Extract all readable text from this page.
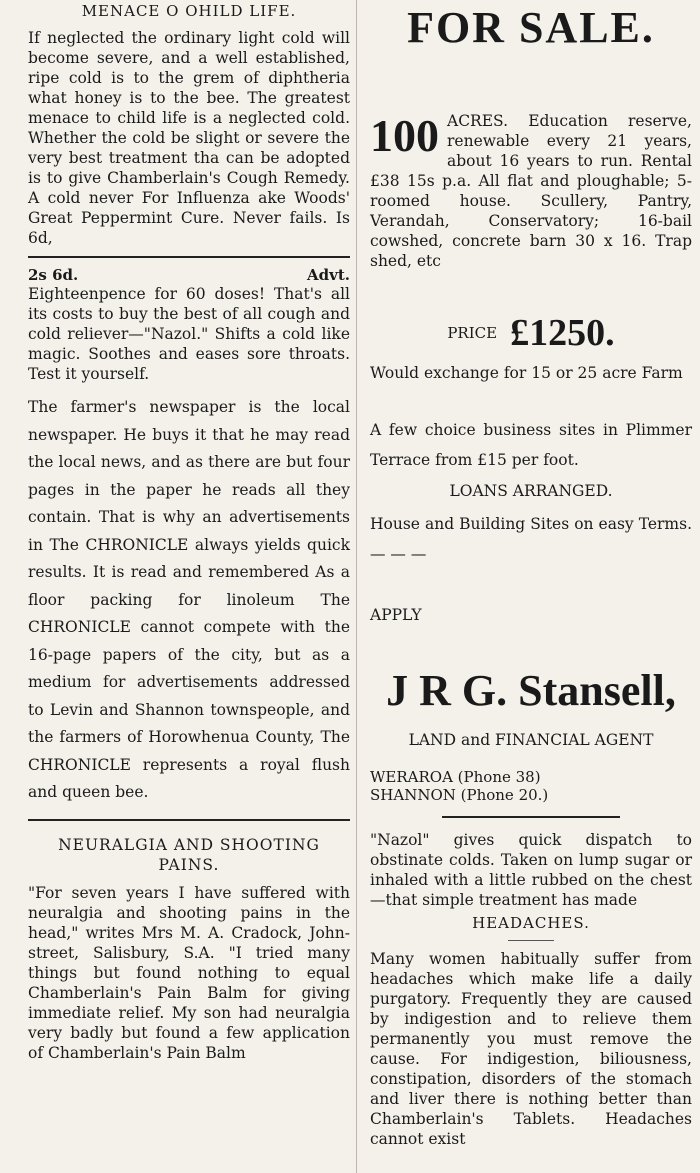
MENACE O OHILD LIFE.

If neglected the ordinary light cold will become severe, and a well established, ripe cold is to the grem of diphtheria what honey is to the bee. The greatest menace to child life is a neglected cold. Whether the cold be slight or severe the very best treatment tha can be adopted is to give Chamberlain's Cough Remedy. A cold never For Influenza ake Woods' Great Peppermint Cure. Never fails. Is 6d,

2s 6d.	Advt.

Eighteenpence for 60 doses! That's all its costs to buy the best of all cough and cold reliever—"Nazol." Shifts a cold like magic. Soothes and eases sore throats. Test it yourself.

The farmer's newspaper is the local newspaper. He buys it that he may read the local news, and as there are but four pages in the paper he reads all they contain. That is why an advertisements in The CHRONICLE always yields quick results. It is read and remembered As a floor packing for linoleum The CHRONICLE cannot compete with the 16-page papers of the city, but as a medium for advertisements addressed to Levin and Shannon townspeople, and the farmers of Horowhenua County, The CHRONICLE represents a royal flush and queen bee.

NEURALGIA AND SHOOTING PAINS.

"For seven years I have suffered with neuralgia and shooting pains in the head," writes Mrs M. A. Cradock, John-street, Salisbury, S.A. "I tried many things but found nothing to equal Chamberlain's Pain Balm for giving immediate relief. My son had neuralgia very badly but found a few application of Chamberlain's Pain Balm

FOR SALE.
100 ACRES. Education reserve, renewable every 21 years, about 16 years to run. Rental £38 15s p.a. All flat and ploughable; 5-roomed house. Scullery, Pantry, Verandah, Conservatory; 16-bail cowshed, concrete barn 30 x 16. Trap shed, etc

PRICE £1250.

Would exchange for 15 or 25 acre Farm

A few choice business sites in Plimmer Terrace from £15 per foot.

LOANS ARRANGED.

House and Building Sites on easy Terms. — — —

APPLY

J R G. Stansell,

LAND and FINANCIAL AGENT

WERAROA (Phone 38)

SHANNON (Phone 20.)

"Nazol" gives quick dispatch to obstinate colds. Taken on lump sugar or inhaled with a little rubbed on the chest—that simple treatment has made

HEADACHES.

Many women habitually suffer from headaches which make life a daily purgatory. Frequently they are caused by indigestion and to relieve them permanently you must remove the cause. For indigestion, biliousness, constipation, disorders of the stomach and liver there is nothing better than Chamberlain's Tablets. Headaches cannot exist
